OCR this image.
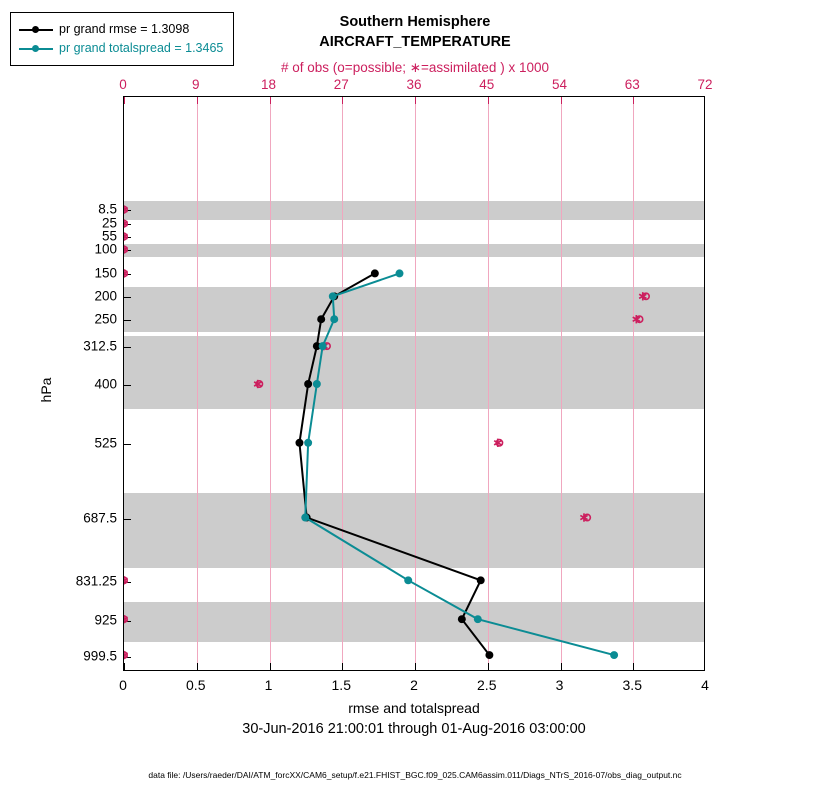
Southern Hemisphere
AIRCRAFT_TEMPERATURE
# of obs (o=possible; ∗=assimilated ) x 1000
hPa
0	0.5	1	1.5	2	2.5	3	3.5	4
0	9	18	27	36	45	54	63	72
8.5
25
55
100
150
200
250
312.5
400
525
687.5
831.25
925
999.5
rmse and totalspread
30-Jun-2016 21:00:01 through 01-Aug-2016 03:00:00
data file: /Users/raeder/DAI/ATM_forcXX/CAM6_setup/f.e21.FHIST_BGC.f09_025.CAM6assim.011/Diags_NTrS_2016-07/obs_diag_output.nc
pr grand rmse = 1.3098
pr grand totalspread = 1.3465
